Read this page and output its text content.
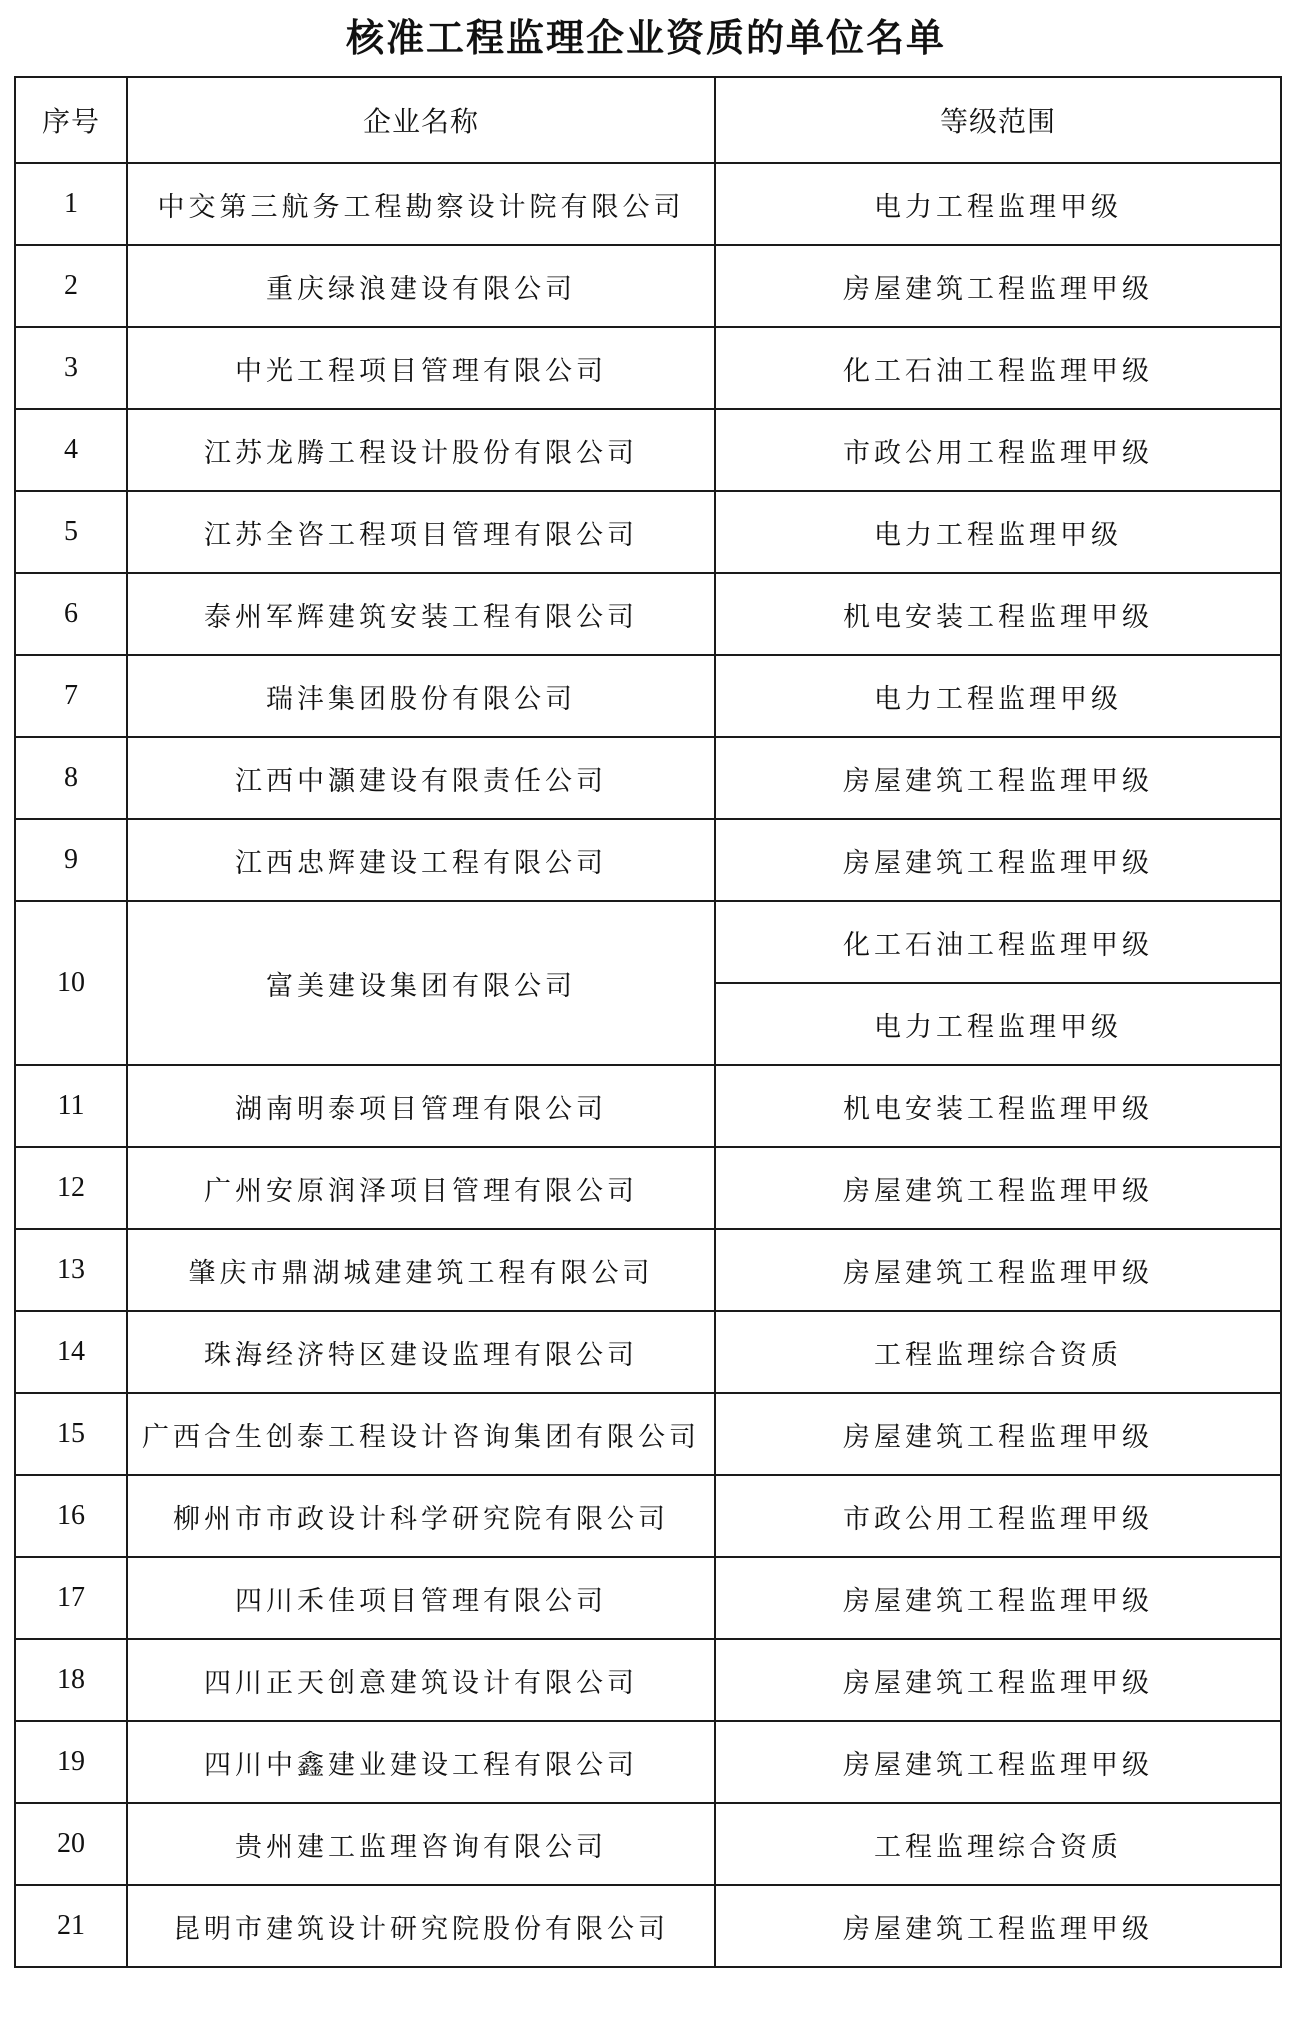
核准工程监理企业资质的单位名单
序号	企业名称	等级范围
1	中交第三航务工程勘察设计院有限公司	电力工程监理甲级
2	重庆绿浪建设有限公司	房屋建筑工程监理甲级
3	中光工程项目管理有限公司	化工石油工程监理甲级
4	江苏龙腾工程设计股份有限公司	市政公用工程监理甲级
5	江苏全咨工程项目管理有限公司	电力工程监理甲级
6	泰州军辉建筑安装工程有限公司	机电安装工程监理甲级
7	瑞沣集团股份有限公司	电力工程监理甲级
8	江西中灝建设有限责任公司	房屋建筑工程监理甲级
9	江西忠辉建设工程有限公司	房屋建筑工程监理甲级
10	富美建设集团有限公司	化工石油工程监理甲级
		电力工程监理甲级
11	湖南明泰项目管理有限公司	机电安装工程监理甲级
12	广州安原润泽项目管理有限公司	房屋建筑工程监理甲级
13	肇庆市鼎湖城建建筑工程有限公司	房屋建筑工程监理甲级
14	珠海经济特区建设监理有限公司	工程监理综合资质
15	广西合生创泰工程设计咨询集团有限公司	房屋建筑工程监理甲级
16	柳州市市政设计科学研究院有限公司	市政公用工程监理甲级
17	四川禾佳项目管理有限公司	房屋建筑工程监理甲级
18	四川正天创意建筑设计有限公司	房屋建筑工程监理甲级
19	四川中鑫建业建设工程有限公司	房屋建筑工程监理甲级
20	贵州建工监理咨询有限公司	工程监理综合资质
21	昆明市建筑设计研究院股份有限公司	房屋建筑工程监理甲级
